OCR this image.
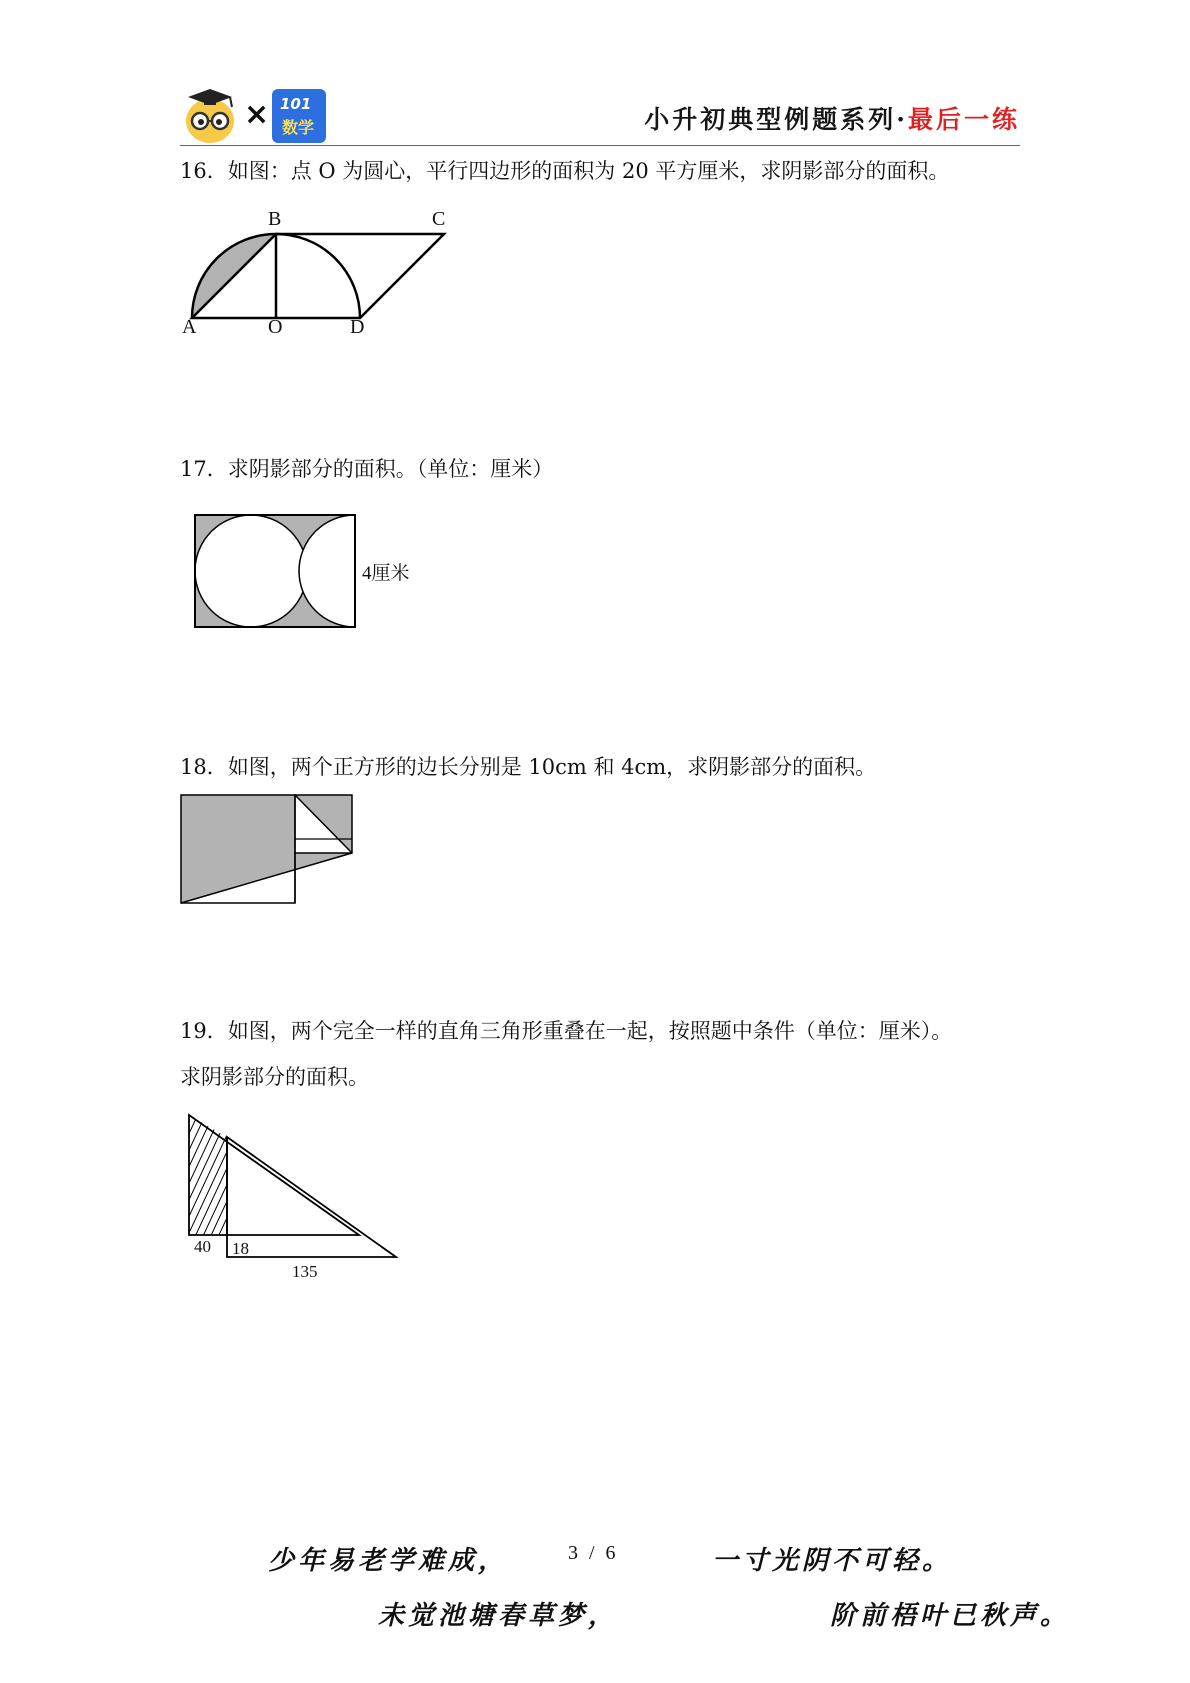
× 101
数学	小升初典型例题系列·最后一练
16．如图：点 O 为圆心，平行四边形的面积为 20 平方厘米，求阴影部分的面积。
A	O	D
B	C
17．求阴影部分的面积。（单位：厘米）
4厘米
18．如图，两个正方形的边长分别是 10cm 和 4cm，求阴影部分的面积。
19．如图，两个完全一样的直角三角形重叠在一起，按照题中条件（单位：厘米）。
求阴影部分的面积。
40 18
135
少年易老学难成，	3 / 6	一寸光阴不可轻。
未觉池塘春草梦，	阶前梧叶已秋声。
